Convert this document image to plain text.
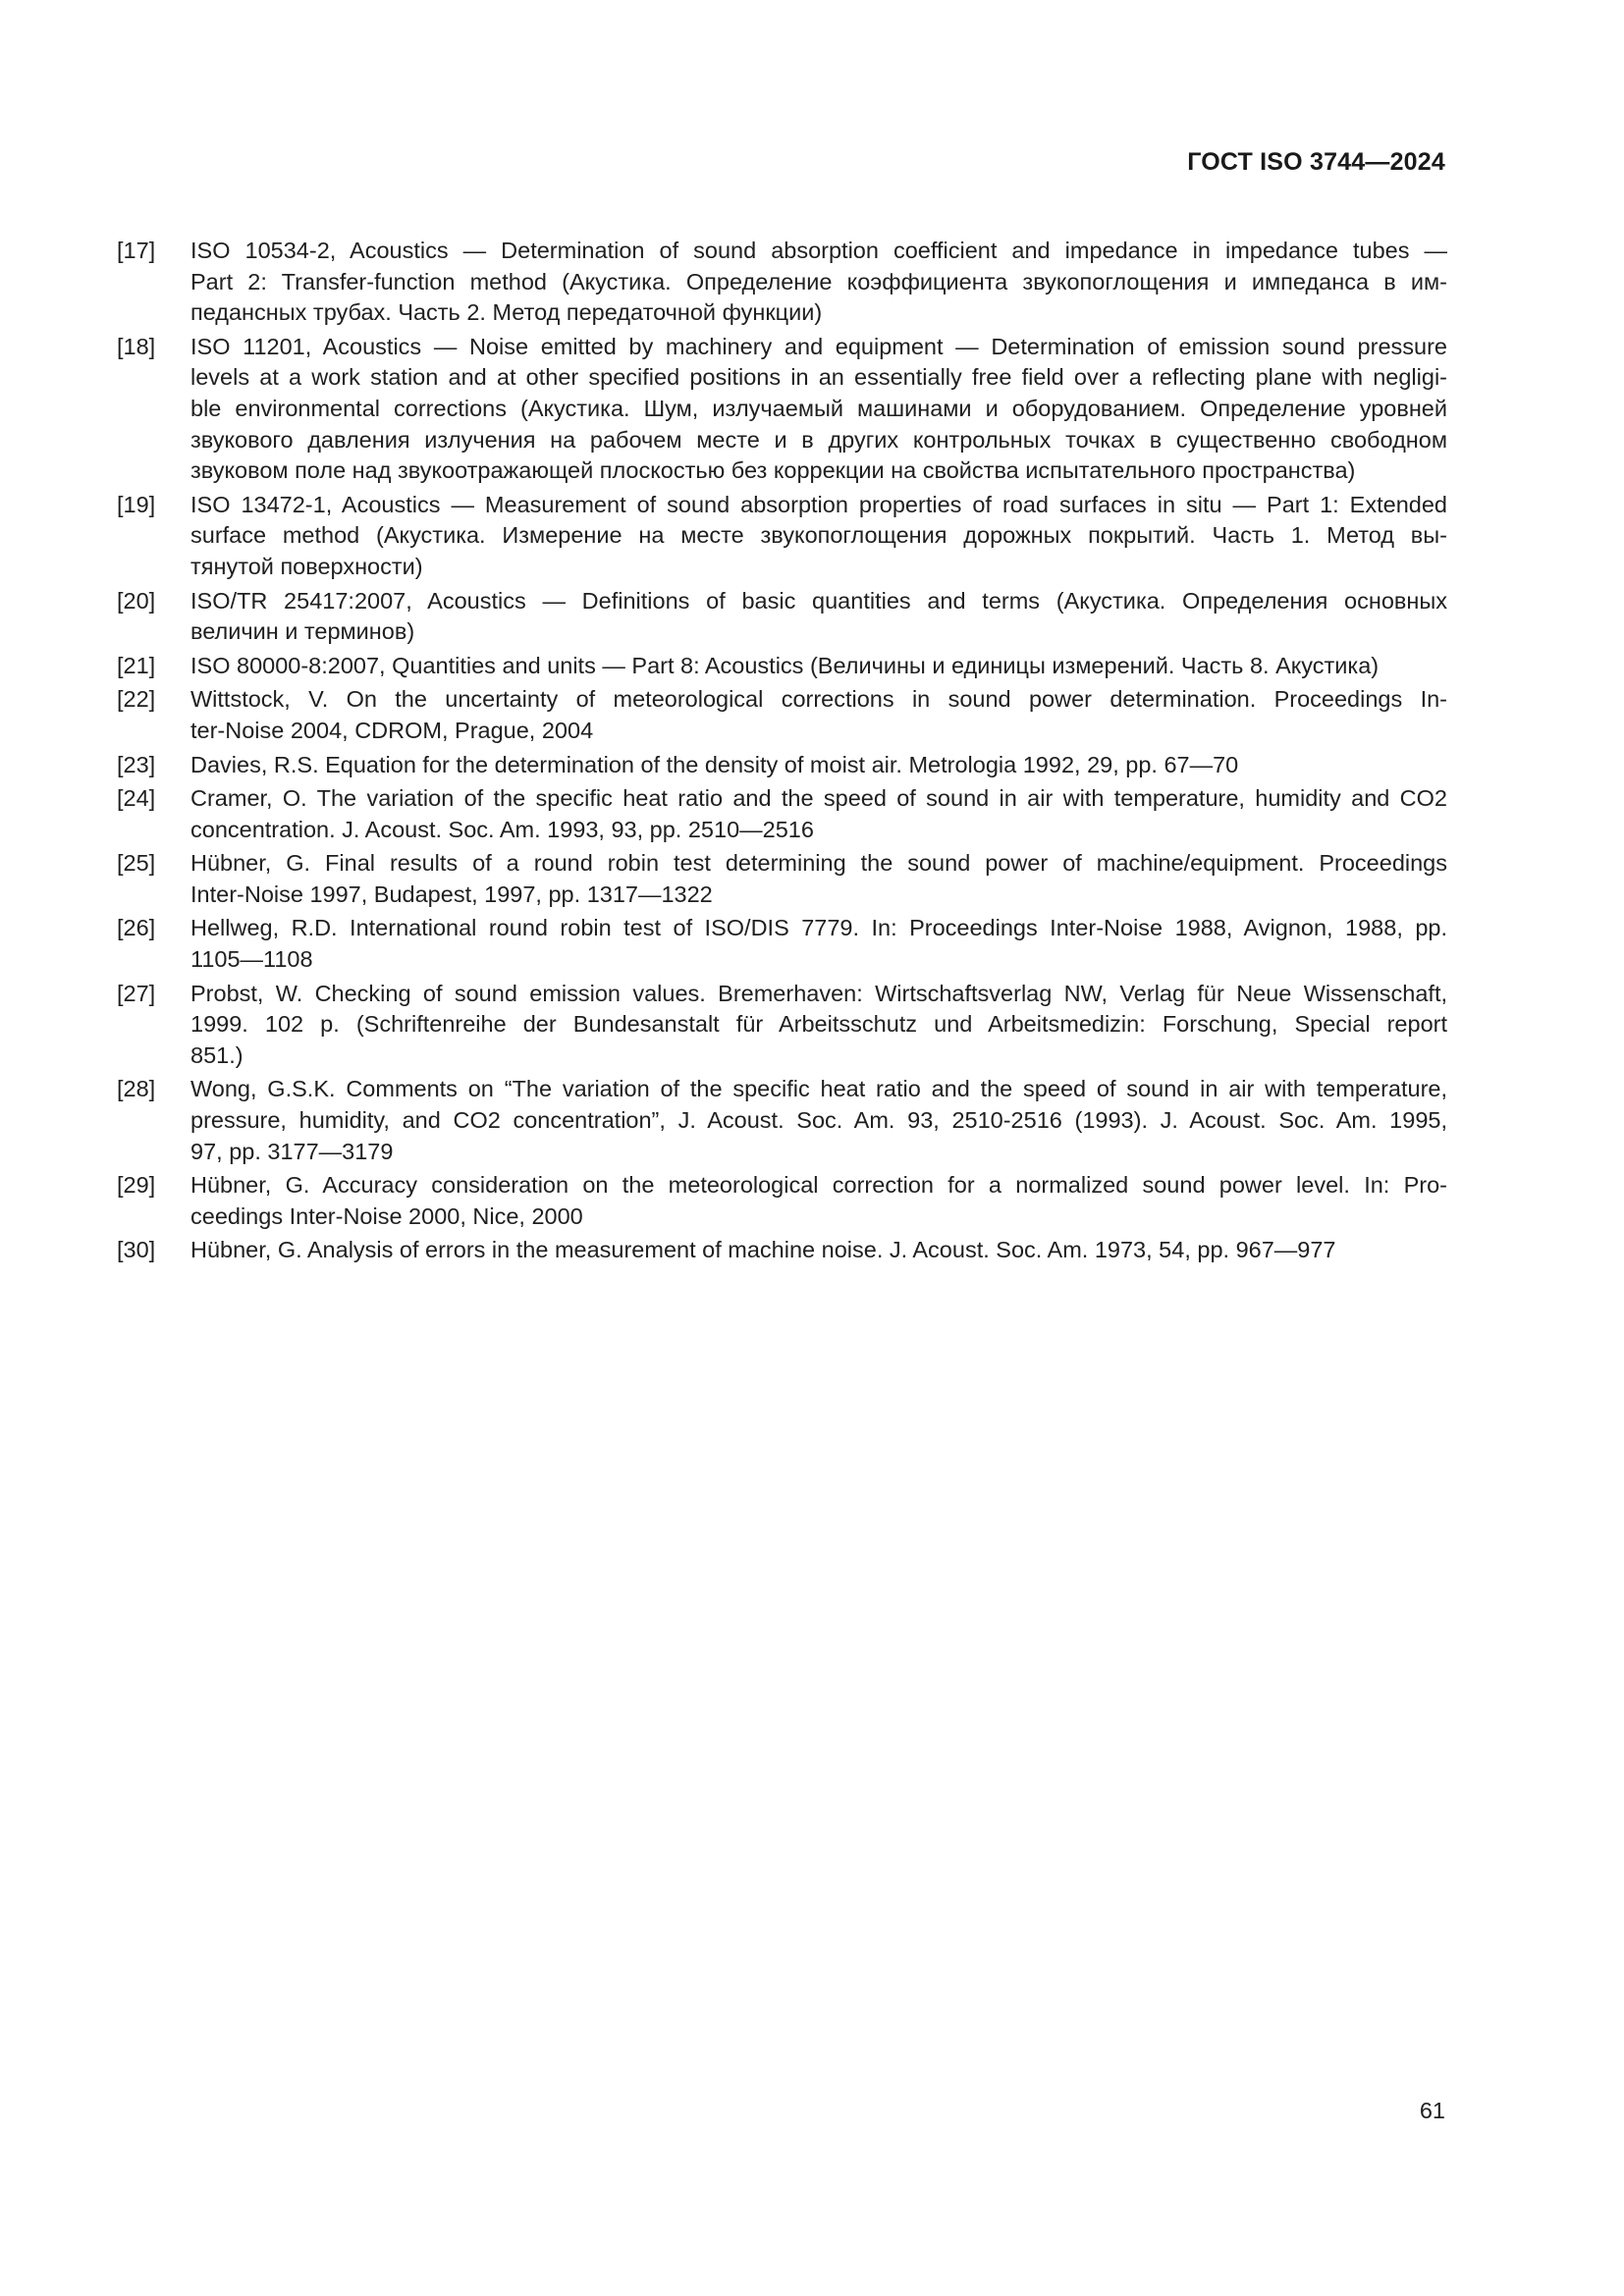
ГОСТ ISO 3744—2024
[17]	ISO 10534-2, Acoustics — Determination of sound absorption coefficient and impedance in impedance tubes —
Part 2: Transfer-function method (Акустика. Определение коэффициента звукопоглощения и импеданса в им-
педансных трубах. Часть 2. Метод передаточной функции)
[18]	ISO 11201, Acoustics — Noise emitted by machinery and equipment — Determination of emission sound pressure
levels at a work station and at other specified positions in an essentially free field over a reflecting plane with negligi-
ble environmental corrections (Акустика. Шум, излучаемый машинами и оборудованием. Определение уровней
звукового давления излучения на рабочем месте и в других контрольных точках в существенно свободном
звуковом поле над звукоотражающей плоскостью без коррекции на свойства испытательного пространства)
[19]	ISO 13472-1, Acoustics — Measurement of sound absorption properties of road surfaces in situ — Part 1: Extended
surface method (Акустика. Измерение на месте звукопоглощения дорожных покрытий. Часть 1. Метод вы-
тянутой поверхности)
[20]	ISO/TR 25417:2007, Acoustics — Definitions of basic quantities and terms (Акустика. Определения основных
величин и терминов)
[21]	ISO 80000-8:2007, Quantities and units — Part 8: Acoustics (Величины и единицы измерений. Часть 8. Акустика)
[22]	Wittstock, V. On the uncertainty of meteorological corrections in sound power determination. Proceedings In-
ter-Noise 2004, CDROM, Prague, 2004
[23]	Davies, R.S. Equation for the determination of the density of moist air. Metrologia 1992, 29, pp. 67—70
[24]	Cramer, O. The variation of the specific heat ratio and the speed of sound in air with temperature, humidity and CO2
concentration. J. Acoust. Soc. Am. 1993, 93, pp. 2510—2516
[25]	Hübner, G. Final results of a round robin test determining the sound power of machine/equipment. Proceedings
Inter-Noise 1997, Budapest, 1997, pp. 1317—1322
[26]	Hellweg, R.D. International round robin test of ISO/DIS 7779. In: Proceedings Inter-Noise 1988, Avignon, 1988, pp.
1105—1108
[27]	Probst, W. Checking of sound emission values. Bremerhaven: Wirtschaftsverlag NW, Verlag für Neue Wissenschaft,
1999. 102 p. (Schriftenreihe der Bundesanstalt für Arbeitsschutz und Arbeitsmedizin: Forschung, Special report
851.)
[28]	Wong, G.S.K. Comments on “The variation of the specific heat ratio and the speed of sound in air with temperature,
pressure, humidity, and CO2 concentration”, J. Acoust. Soc. Am. 93, 2510-2516 (1993). J. Acoust. Soc. Am. 1995,
97, pp. 3177—3179
[29]	Hübner, G. Accuracy consideration on the meteorological correction for a normalized sound power level. In: Pro-
ceedings Inter-Noise 2000, Nice, 2000
[30]	Hübner, G. Analysis of errors in the measurement of machine noise. J. Acoust. Soc. Am. 1973, 54, pp. 967—977
61
